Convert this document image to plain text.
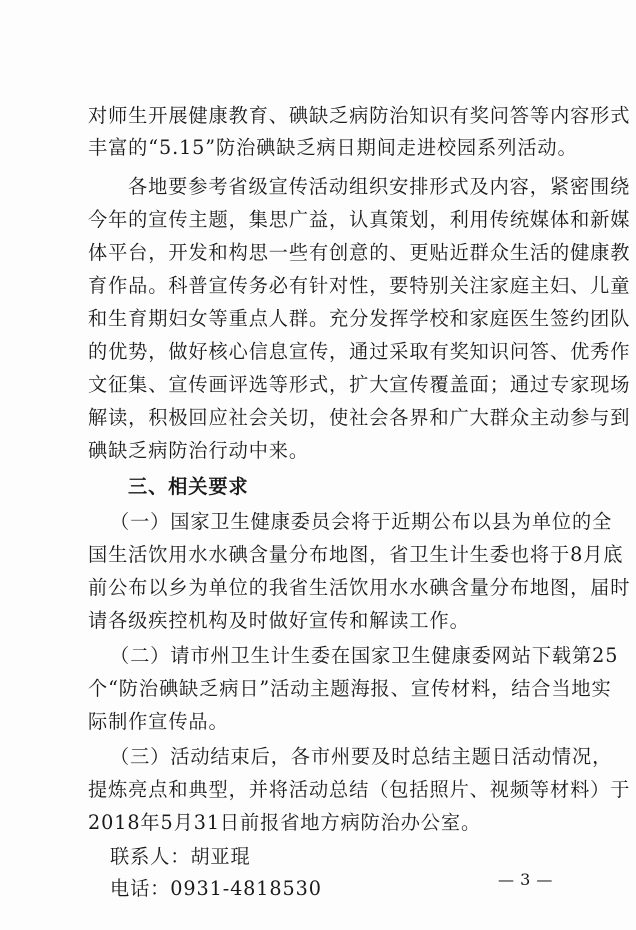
对师生开展健康教育、碘缺乏病防治知识有奖问答等内容形式
丰富的“5.15”防治碘缺乏病日期间走进校园系列活动。
各地要参考省级宣传活动组织安排形式及内容，紧密围绕
今年的宣传主题，集思广益，认真策划，利用传统媒体和新媒
体平台，开发和构思一些有创意的、更贴近群众生活的健康教
育作品。科普宣传务必有针对性，要特别关注家庭主妇、儿童
和生育期妇女等重点人群。充分发挥学校和家庭医生签约团队
的优势，做好核心信息宣传，通过采取有奖知识问答、优秀作
文征集、宣传画评选等形式，扩大宣传覆盖面；通过专家现场
解读，积极回应社会关切，使社会各界和广大群众主动参与到
碘缺乏病防治行动中来。
三、相关要求
（一）国家卫生健康委员会将于近期公布以县为单位的全
国生活饮用水水碘含量分布地图，省卫生计生委也将于8月底
前公布以乡为单位的我省生活饮用水水碘含量分布地图，届时
请各级疾控机构及时做好宣传和解读工作。
（二）请市州卫生计生委在国家卫生健康委网站下载第25
个“防治碘缺乏病日”活动主题海报、宣传材料，结合当地实
际制作宣传品。
（三）活动结束后，各市州要及时总结主题日活动情况，
提炼亮点和典型，并将活动总结（包括照片、视频等材料）于
2018年5月31日前报省地方病防治办公室。
联系人：胡亚琨
电话：0931-4818530	— 3 —
